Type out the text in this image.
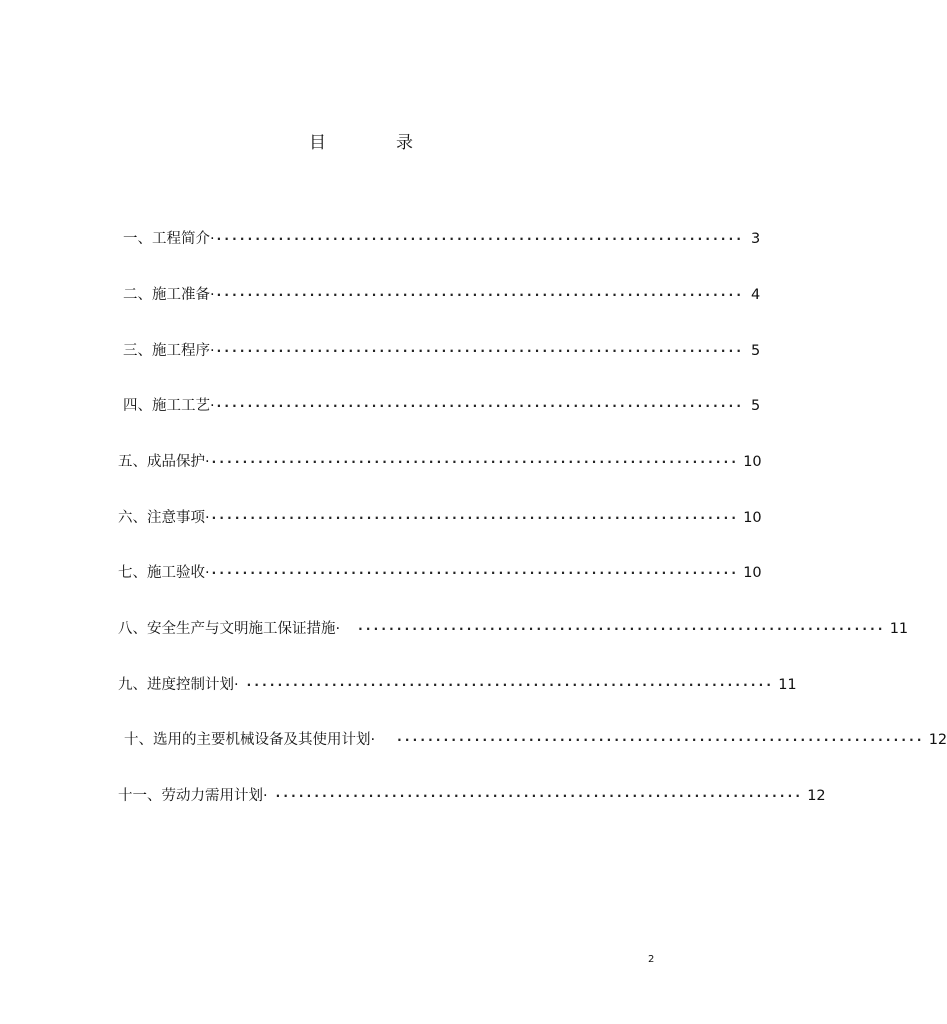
目	录
一、工程简介· ···································································· 3
二、施工准备· ···································································· 4
三、施工程序· ···································································· 5
四、施工工艺· ···································································· 5
五、成品保护· ···································································· 10
六、注意事项· ···································································· 10
七、施工验收· ···································································· 10
八、安全生产与文明施工保证措施· ···································································· 11
九、进度控制计划· ···································································· 11
十、选用的主要机械设备及其使用计划· ···································································· 12
十一、劳动力需用计划· ···································································· 12
2
